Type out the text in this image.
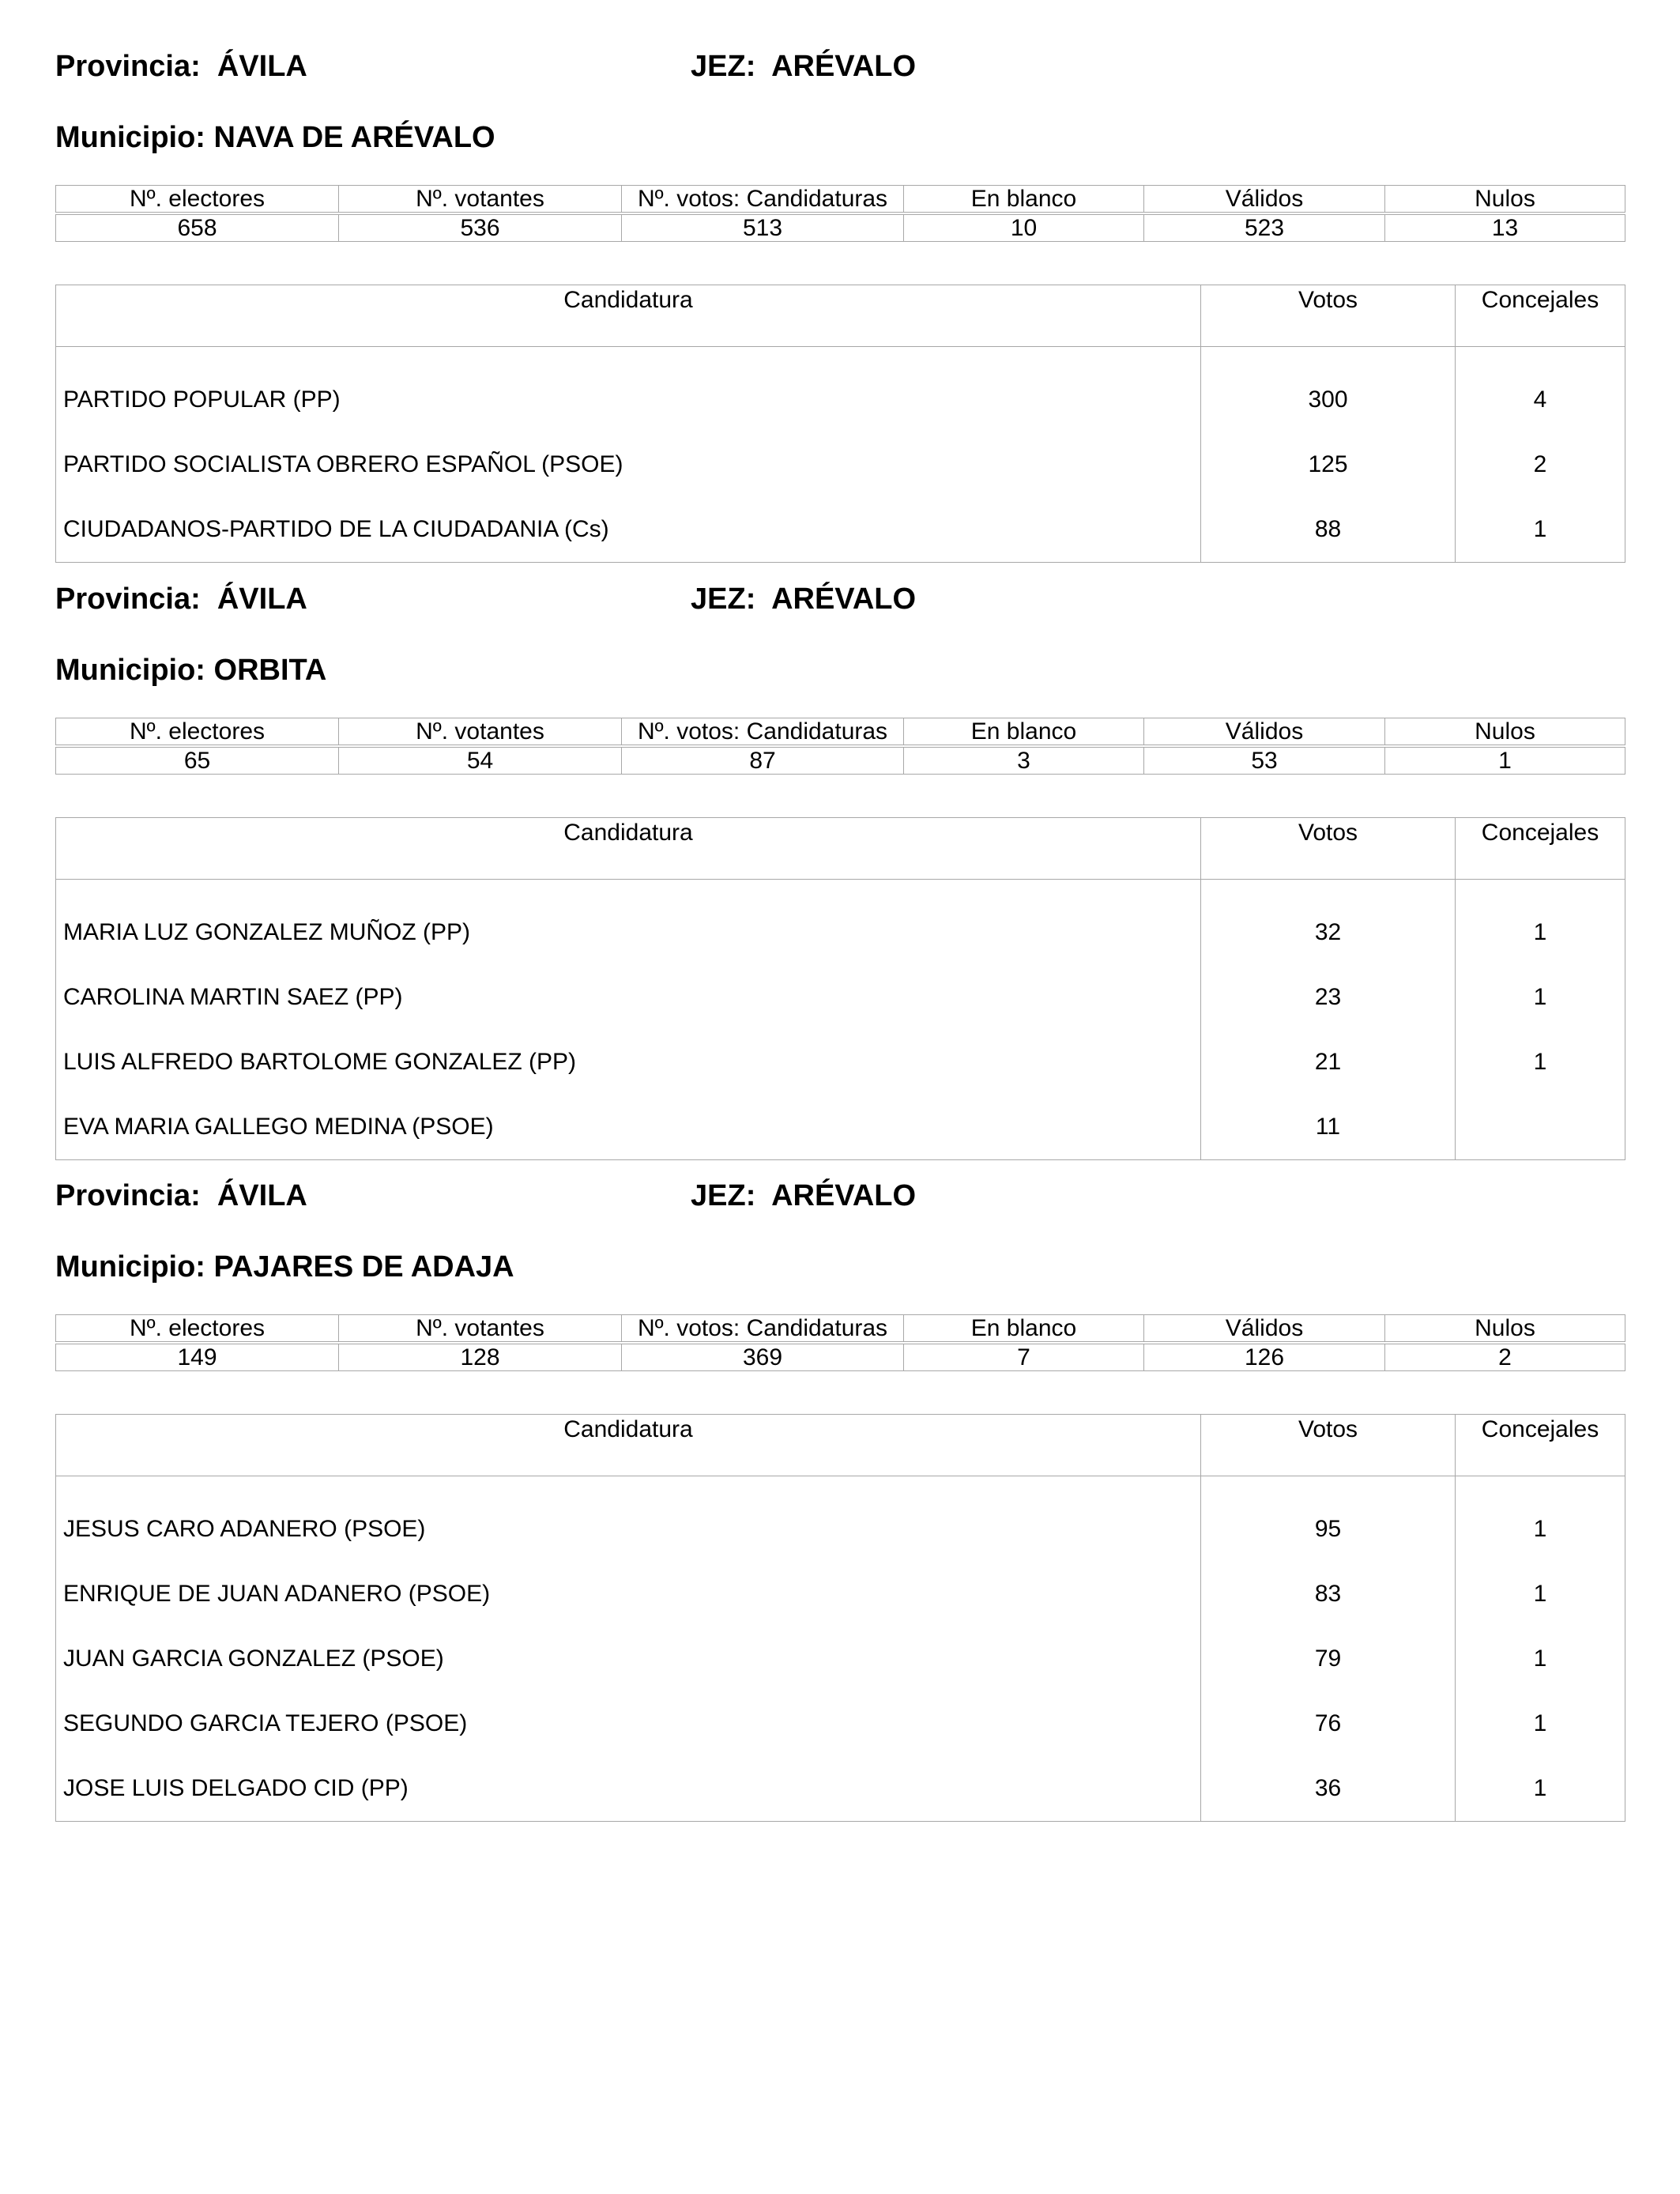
Provincia: ÁVILA	JEZ: ARÉVALO
Municipio: NAVA DE ARÉVALO
Nº. electores	Nº. votantes	Nº. votos: Candidaturas	En blanco	Válidos	Nulos

658	536	513	10	523	13
Candidatura	Votos	Concejales
PARTIDO POPULAR (PP)	300	4
PARTIDO SOCIALISTA OBRERO ESPAÑOL (PSOE)	125	2
CIUDADANOS-PARTIDO DE LA CIUDADANIA (Cs)	88	1
Provincia: ÁVILA	JEZ: ARÉVALO
Municipio: ORBITA
Nº. electores	Nº. votantes	Nº. votos: Candidaturas	En blanco	Válidos	Nulos

65	54	87	3	53	1
Candidatura	Votos	Concejales
MARIA LUZ GONZALEZ MUÑOZ (PP)	32	1
CAROLINA MARTIN SAEZ (PP)	23	1
LUIS ALFREDO BARTOLOME GONZALEZ (PP)	21	1
EVA MARIA GALLEGO MEDINA (PSOE)	11	
Provincia: ÁVILA	JEZ: ARÉVALO
Municipio: PAJARES DE ADAJA
Nº. electores	Nº. votantes	Nº. votos: Candidaturas	En blanco	Válidos	Nulos

149	128	369	7	126	2
Candidatura	Votos	Concejales
JESUS CARO ADANERO (PSOE)	95	1
ENRIQUE DE JUAN ADANERO (PSOE)	83	1
JUAN GARCIA GONZALEZ (PSOE)	79	1
SEGUNDO GARCIA TEJERO (PSOE)	76	1
JOSE LUIS DELGADO CID (PP)	36	1
